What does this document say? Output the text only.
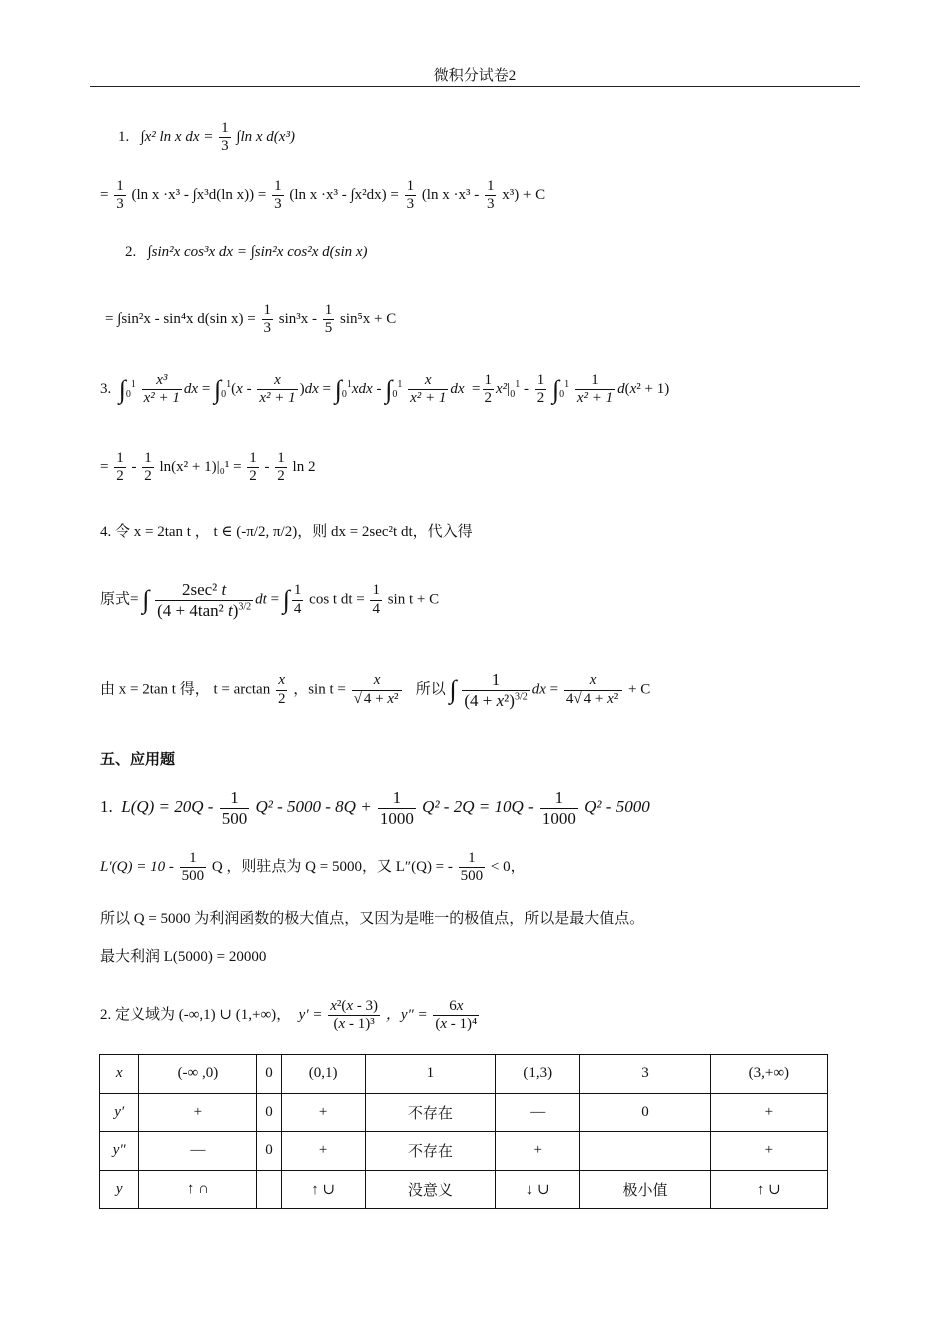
微积分试卷2
1. ∫x² ln x dx = $\frac{1}{3} \int\ln$ x d(x³)
= $\frac{1}{3} (\ln$ x ·x³ - ∫x³d(ln $x)) = \frac{1}{3} (\ln$ $x \cdot x^3 - \int x^2dx) = \frac{1}{3} (\ln$ $x \cdot x^3 - \frac{1}{3} x^3) + C$
2. ∫sin²x cos³x dx = ∫sin²x cos²x d(sin x)
= ∫sin²x - sin⁴x d(sin $x) = \frac{1}{3} \sin^3x - \frac{1}{5} \sin^5x + C$
3. $\int_0^1 \frac{\text{x³}}{\text{x² + 1}}$ dx = $\int_0^1(x - \frac{x}{\text{x² + 1}} )dx = \int_0^1xdx - \int_0^1 \frac{x}{\text{x² + 1}}$ dx  = $\frac{1}{2} x^2|_0^1 - \frac{1}{2} \int_0^1 \frac{1}{\text{x² + 1}} d(x^2 + 1)$
= $\frac{1}{2} - \frac{1}{2} \ln(x^2 + 1)|_0^1 = \frac{1}{2} - \frac{1}{2}$ ln 2
4. 令 x = 2tan t ， t ∈ (-π/2, π/2)，则 dx = 2sec²t dt，代入得
原式= ∫ $\frac{\text{2sec² t}}{(4 + 4\tan^2 t)^{3/2}}$ dt = ∫ $\frac{1}{4}$ cos t dt = $\frac{1}{4}$ sin t + C
由 x = 2tan t 得， $t = \arctan \frac{x}{2}$ ，$\sin t = \frac{x}{\text{√ 4 + x²}}$ 所以 ∫ $\frac{1}{(4 + x^2)^{3/2}}$ dx = $\frac{x}{\text{4√ 4 + x²}} + C$
五、应用题
1. $L(Q) = 20Q - \frac{1}{500} Q^2 - 5000 - 8Q + \frac{1}{1000} Q^2 - 2Q = 10Q - \frac{1}{1000} Q^2 - 5000$
$L'(Q) = 10 - \frac{1}{500}$ Q ，则驻点为 Q = 5000，又 L″(Q) = - $\frac{1}{500} < 0$，
所以 Q = 5000 为利润函数的极大值点，又因为是唯一的极值点，所以是最大值点。
最大利润 L(5000) = 20000
2. 定义域为 (-∞,1) ∪ (1,+∞)， $y' = \frac{\text{x²(x - 3)}}{\text{(x - 1)³}}$ ，$y'' = \frac{6x}{\text{(x - 1)⁴}}$
x	(-∞ ,0)	0	(0,1)	1	(1,3)	3	(3,+∞)
y′	+	0	+	不存在	—	0	+
y″	—	0	+	不存在	+		+
y	↑ ∩		↑ ∪	没意义	↓ ∪	极小值	↑ ∪
